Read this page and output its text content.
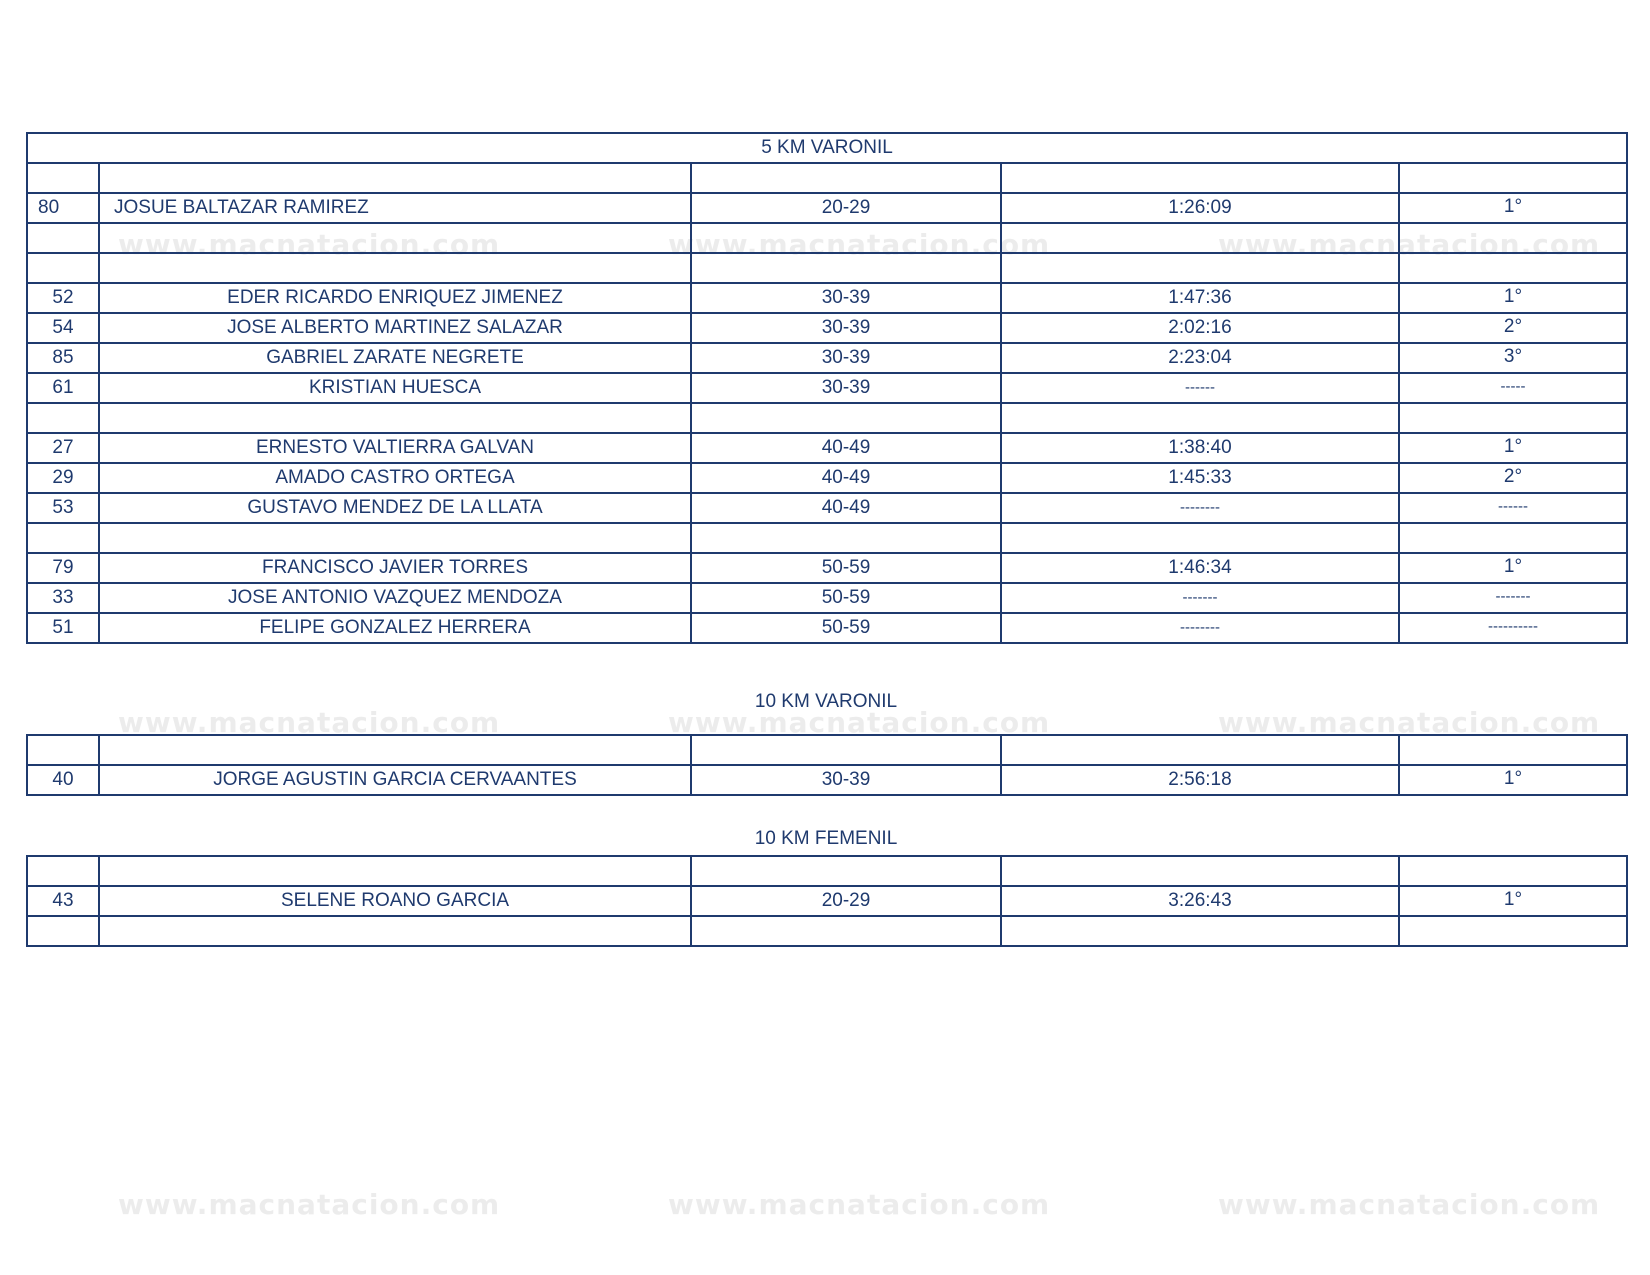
www.macnatacion.com	www.macnatacion.com	www.macnatacion.com
www.macnatacion.com	www.macnatacion.com	www.macnatacion.com
www.macnatacion.com	www.macnatacion.com	www.macnatacion.com
5 KM VARONIL				

80	JOSUE BALTAZAR RAMIREZ	20-29	1:26:09	1°

52	EDER RICARDO ENRIQUEZ JIMENEZ	30-39	1:47:36	1°
54	JOSE ALBERTO MARTINEZ SALAZAR	30-39	2:02:16	2°
85	GABRIEL ZARATE NEGRETE	30-39	2:23:04	3°
61	KRISTIAN HUESCA	30-39	------	-----

27	ERNESTO VALTIERRA GALVAN	40-49	1:38:40	1°
29	AMADO CASTRO ORTEGA	40-49	1:45:33	2°
53	GUSTAVO MENDEZ DE LA LLATA	40-49	--------	------

79	FRANCISCO JAVIER TORRES	50-59	1:46:34	1°
33	JOSE ANTONIO VAZQUEZ MENDOZA	50-59	-------	-------
51	FELIPE GONZALEZ HERRERA	50-59	--------	----------
10 KM VARONIL

40	JORGE AGUSTIN GARCIA CERVAANTES	30-39	2:56:18	1°
10 KM FEMENIL

43	SELENE ROANO GARCIA	20-29	3:26:43	1°
